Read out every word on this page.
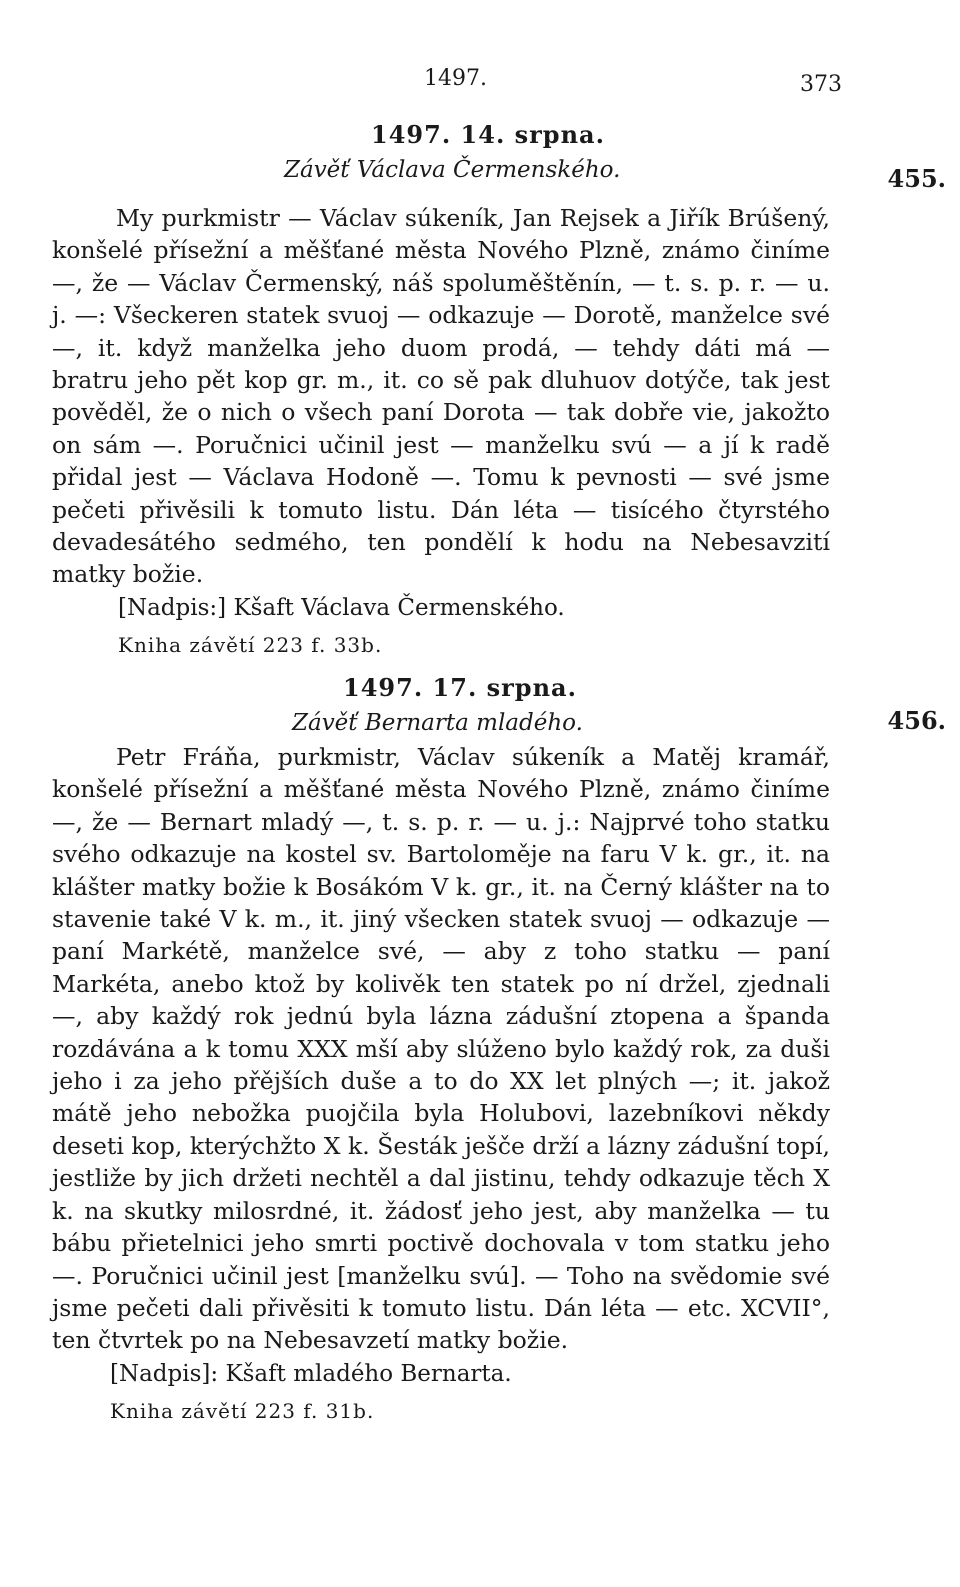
1497.	373

1497. 14. srpna.

Závěť Václava Čermenského.	455.

My purkmistr — Václav súkeník, Jan Rejsek a Jiřík Brúšený, konšelé přísežní a měšťané města Nového Plzně, známo činíme —, že — Václav Čermenský, náš spoluměštěnín, — t. s. p. r. — u. j. —: Všeckeren statek svuoj — odkazuje — Dorotě, manželce své —, it. když manželka jeho duom prodá, — tehdy dáti má — bratru jeho pět kop gr. m., it. co sě pak dluhuov dotýče, tak jest pověděl, že o nich o všech paní Dorota — tak dobře vie, jakožto on sám —. Poručnici učinil jest — manželku svú — a jí k radě přidal jest — Václava Hodoně —. Tomu k pevnosti — své jsme pečeti přivěsili k tomuto listu. Dán léta — tisícého čtyrstého devadesátého sedmého, ten pondělí k hodu na Nebesavzití matky božie.

[Nadpis:] Kšaft Václava Čermenského.

Kniha závětí 223 f. 33b.

1497. 17. srpna.

Závěť Bernarta mladého.	456.

Petr Fráňa, purkmistr, Václav súkeník a Matěj kramář, konšelé přísežní a měšťané města Nového Plzně, známo činíme —, že — Bernart mladý —, t. s. p. r. — u. j.: Najprvé toho statku svého odkazuje na kostel sv. Bartoloměje na faru V k. gr., it. na klášter matky božie k Bosákóm V k. gr., it. na Černý klášter na to stavenie také V k. m., it. jiný všecken statek svuoj — odkazuje — paní Markétě, manželce své, — aby z toho statku — paní Markéta, anebo ktož by kolivěk ten statek po ní držel, zjednali —, aby každý rok jednú byla lázna zádušní ztopena a španda rozdávána a k tomu XXX mší aby slúženo bylo každý rok, za duši jeho i za jeho přějších duše a to do XX let plných —; it. jakož mátě jeho nebožka puojčila byla Holubovi, lazebníkovi někdy deseti kop, kterýchžto X k. Šesták ješče drží a lázny zádušní topí, jestliže by jich držeti nechtěl a dal jistinu, tehdy odkazuje těch X k. na skutky milosrdné, it. žádosť jeho jest, aby manželka — tu bábu přietelnici jeho smrti poctivě dochovala v tom statku jeho —. Poručnici učinil jest [manželku svú]. — Toho na svědomie své jsme pečeti dali přivěsiti k tomuto listu. Dán léta — etc. XCVII°, ten čtvrtek po na Nebesavzetí matky božie.

[Nadpis]: Kšaft mladého Bernarta.

Kniha závětí 223 f. 31b.
